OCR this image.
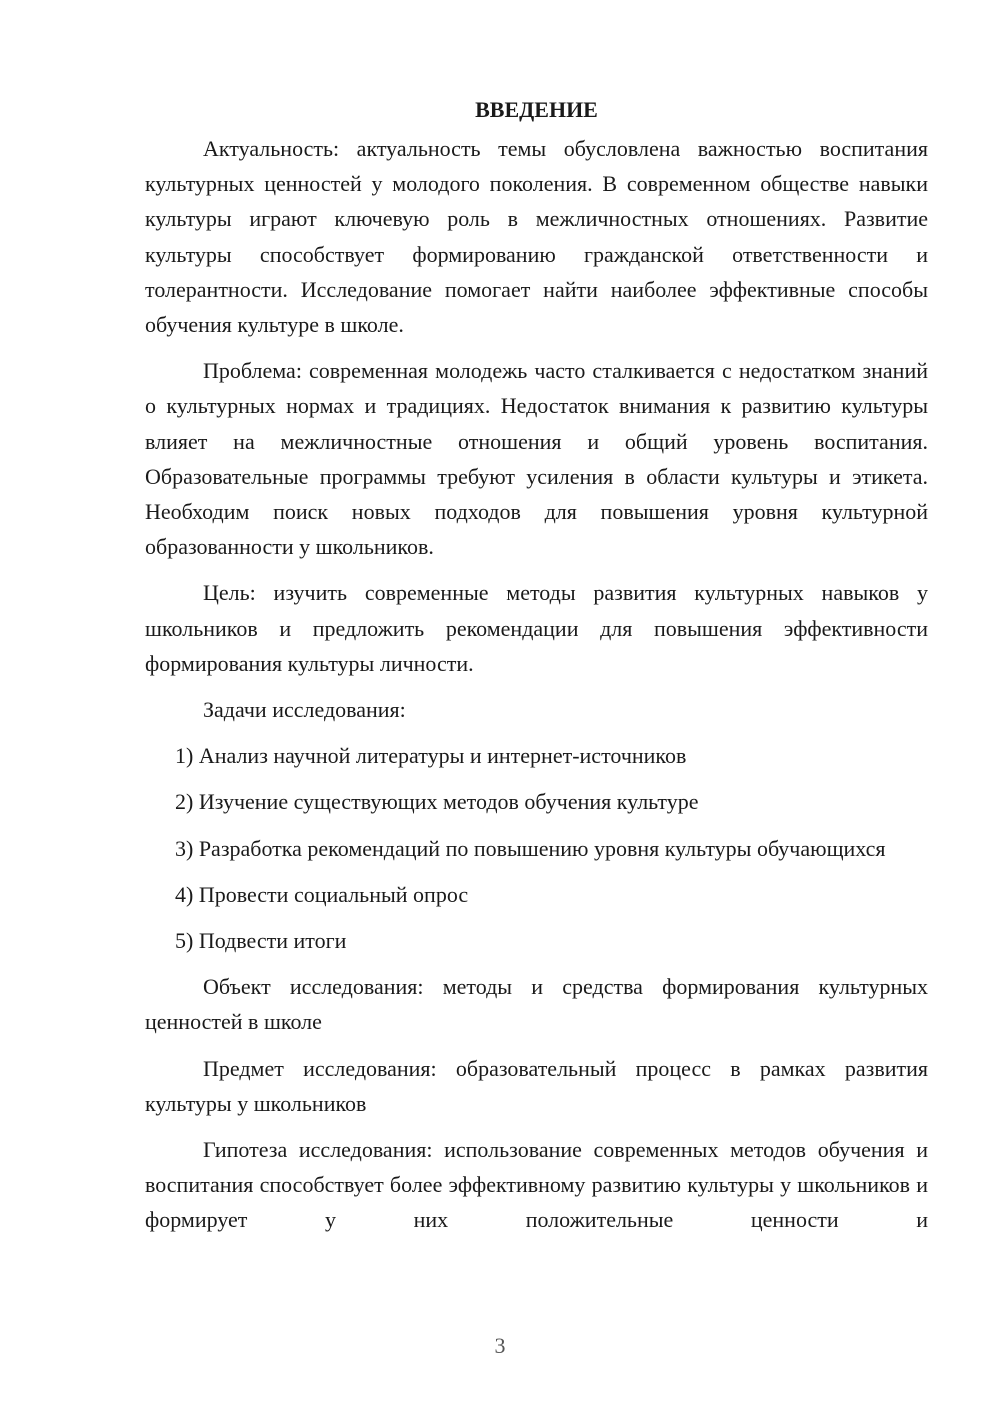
ВВЕДЕНИЕ

Актуальность: актуальность темы обусловлена важностью воспитания культурных ценностей у молодого поколения. В современном обществе навыки культуры играют ключевую роль в межличностных отношениях. Развитие культуры способствует формированию гражданской ответственности и толерантности. Исследование помогает найти наиболее эффективные способы обучения культуре в школе.

Проблема: современная молодежь часто сталкивается с недостатком знаний о культурных нормах и традициях. Недостаток внимания к развитию культуры влияет на межличностные отношения и общий уровень воспитания. Образовательные программы требуют усиления в области культуры и этикета. Необходим поиск новых подходов для повышения уровня культурной образованности у школьников.

Цель: изучить современные методы развития культурных навыков у школьников и предложить рекомендации для повышения эффективности формирования культуры личности.

Задачи исследования:

1) Анализ научной литературы и интернет-источников

2) Изучение существующих методов обучения культуре

3) Разработка рекомендаций по повышению уровня культуры обучающихся

4) Провести социальный опрос

5) Подвести итоги

Объект исследования: методы и средства формирования культурных ценностей в школе

Предмет исследования: образовательный процесс в рамках развития культуры у школьников

Гипотеза исследования: использование современных методов обучения и воспитания способствует более эффективному развитию культуры у школьников и формирует у них положительные ценности и

3
